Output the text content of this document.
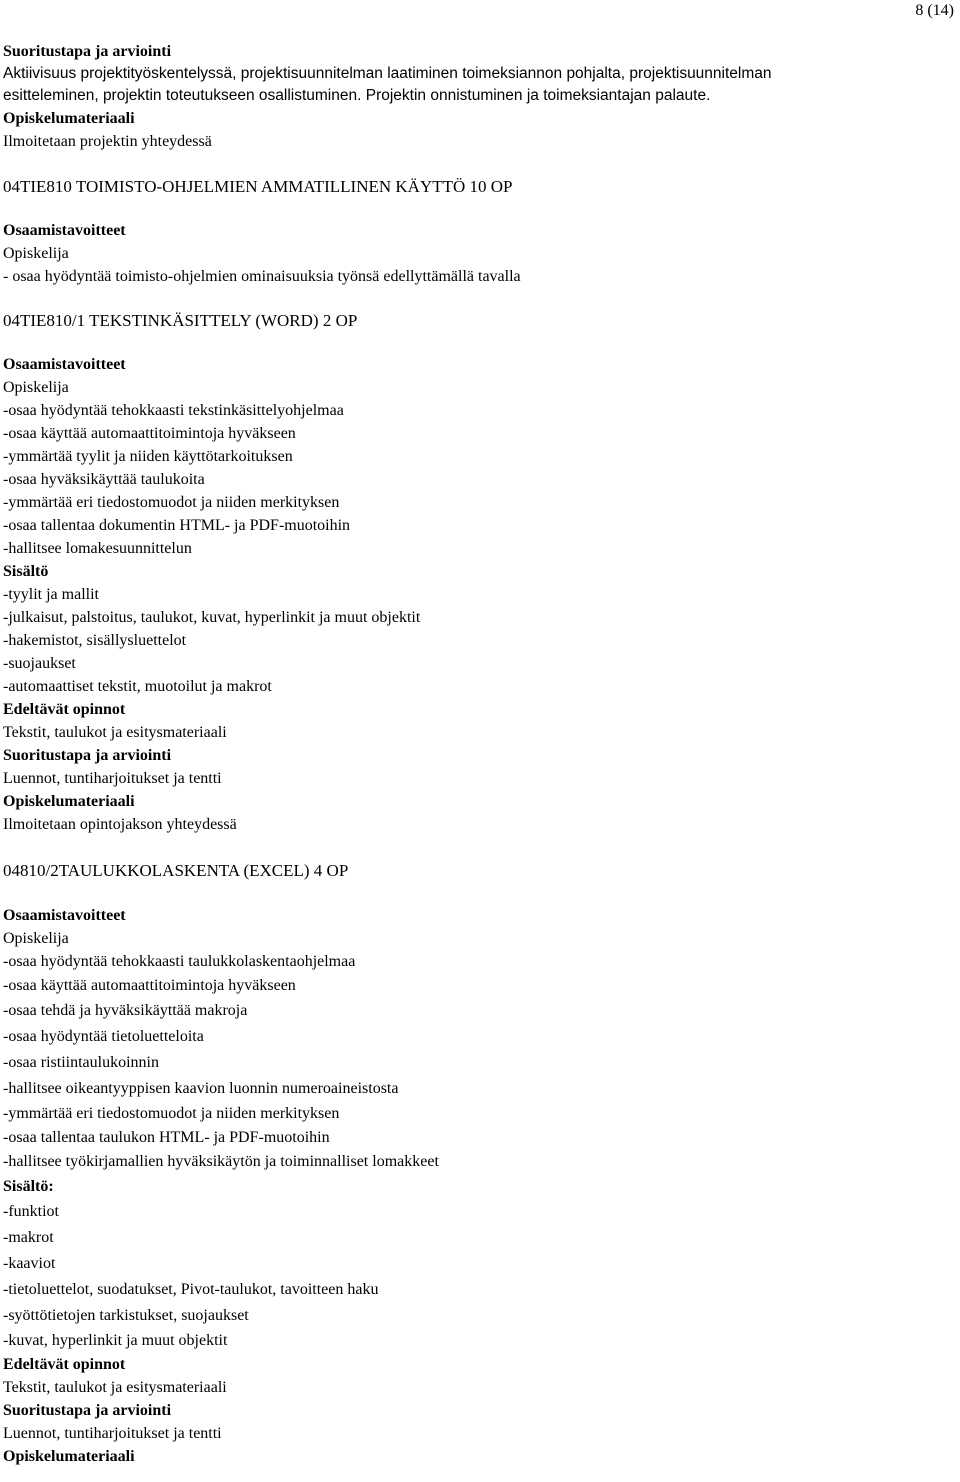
8 (14)
Suoritustapa ja arviointi
Aktiivisuus projektityöskentelyssä, projektisuunnitelman laatiminen toimeksiannon pohjalta, projektisuunnitelman
esitteleminen, projektin toteutukseen osallistuminen. Projektin onnistuminen ja toimeksiantajan palaute.
Opiskelumateriaali
Ilmoitetaan projektin yhteydessä
04TIE810 TOIMISTO-OHJELMIEN AMMATILLINEN KÄYTTÖ 10 OP
Osaamistavoitteet
Opiskelija
- osaa hyödyntää toimisto-ohjelmien ominaisuuksia työnsä edellyttämällä tavalla
04TIE810/1 TEKSTINKÄSITTELY (WORD) 2 OP
Osaamistavoitteet
Opiskelija
-osaa hyödyntää tehokkaasti tekstinkäsittelyohjelmaa
-osaa käyttää automaattitoimintoja hyväkseen
-ymmärtää tyylit ja niiden käyttötarkoituksen
-osaa hyväksikäyttää taulukoita
-ymmärtää eri tiedostomuodot ja niiden merkityksen
-osaa tallentaa dokumentin HTML- ja PDF-muotoihin
-hallitsee lomakesuunnittelun
Sisältö
-tyylit ja mallit
-julkaisut, palstoitus, taulukot, kuvat, hyperlinkit ja muut objektit
-hakemistot, sisällysluettelot
-suojaukset
-automaattiset tekstit, muotoilut ja makrot
Edeltävät opinnot
Tekstit, taulukot ja esitysmateriaali
Suoritustapa ja arviointi
Luennot, tuntiharjoitukset ja tentti
Opiskelumateriaali
Ilmoitetaan opintojakson yhteydessä
04810/2TAULUKKOLASKENTA (EXCEL) 4 OP
Osaamistavoitteet
Opiskelija
-osaa hyödyntää tehokkaasti taulukkolaskentaohjelmaa
-osaa käyttää automaattitoimintoja hyväkseen
-osaa tehdä ja hyväksikäyttää makroja
-osaa hyödyntää tietoluetteloita
-osaa ristiintaulukoinnin
-hallitsee oikeantyyppisen kaavion luonnin numeroaineistosta
-ymmärtää eri tiedostomuodot ja niiden merkityksen
-osaa tallentaa taulukon HTML- ja PDF-muotoihin
-hallitsee työkirjamallien hyväksikäytön ja toiminnalliset lomakkeet
Sisältö:
-funktiot
-makrot
-kaaviot
-tietoluettelot, suodatukset, Pivot-taulukot, tavoitteen haku
-syöttötietojen tarkistukset, suojaukset
-kuvat, hyperlinkit ja muut objektit
Edeltävät opinnot
Tekstit, taulukot ja esitysmateriaali
Suoritustapa ja arviointi
Luennot, tuntiharjoitukset ja tentti
Opiskelumateriaali
